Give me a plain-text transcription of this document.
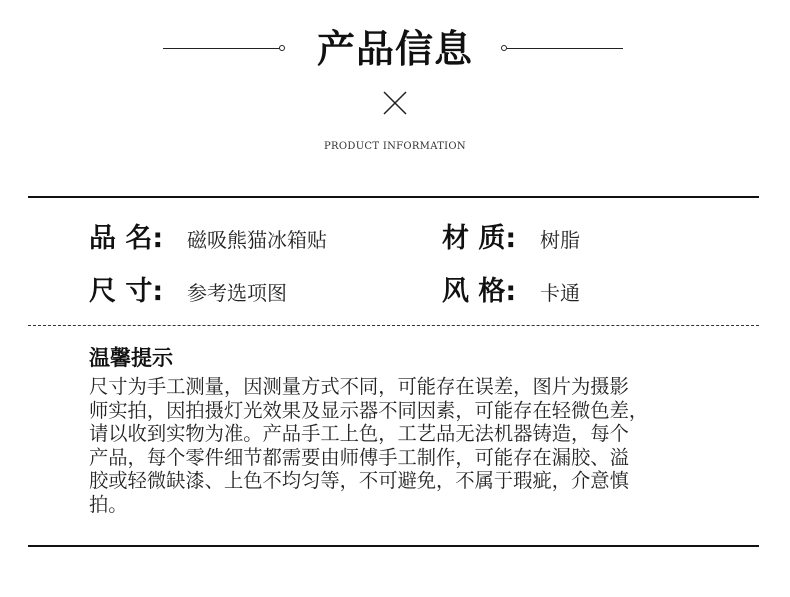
产品信息
PRODUCT INFORMATION
品 名: 磁吸熊猫冰箱贴	材 质: 树脂
尺 寸: 参考选项图	风 格: 卡通
温馨提示
尺寸为手工测量，因测量方式不同，可能存在误差，图片为摄影
师实拍，因拍摄灯光效果及显示器不同因素，可能存在轻微色差，
请以收到实物为准。产品手工上色，工艺品无法机器铸造，每个
产品，每个零件细节都需要由师傅手工制作，可能存在漏胶、溢
胶或轻微缺漆、上色不均匀等，不可避免，不属于瑕疵，介意慎
拍。
